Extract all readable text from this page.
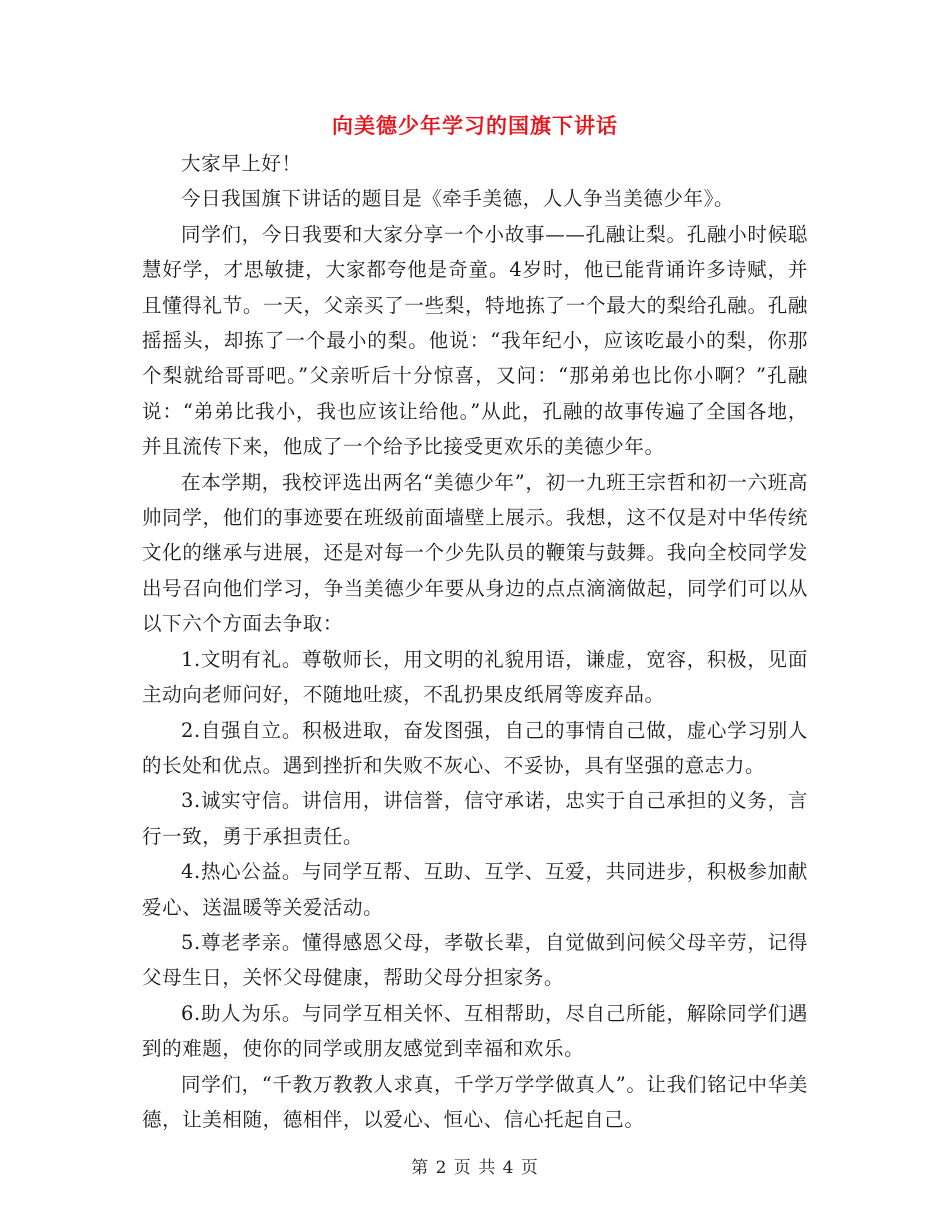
向美德少年学习的国旗下讲话

大家早上好！

今日我国旗下讲话的题目是《牵手美德，人人争当美德少年》。

同学们，今日我要和大家分享一个小故事——孔融让梨。孔融小时候聪慧好学，才思敏捷，大家都夸他是奇童。4岁时，他已能背诵许多诗赋，并且懂得礼节。一天，父亲买了一些梨，特地拣了一个最大的梨给孔融。孔融摇摇头，却拣了一个最小的梨。他说：“我年纪小，应该吃最小的梨，你那个梨就给哥哥吧。”父亲听后十分惊喜，又问：“那弟弟也比你小啊？”孔融说：“弟弟比我小，我也应该让给他。”从此，孔融的故事传遍了全国各地，并且流传下来，他成了一个给予比接受更欢乐的美德少年。

在本学期，我校评选出两名“美德少年”，初一九班王宗哲和初一六班高帅同学，他们的事迹要在班级前面墙壁上展示。我想，这不仅是对中华传统文化的继承与进展，还是对每一个少先队员的鞭策与鼓舞。我向全校同学发出号召向他们学习，争当美德少年要从身边的点点滴滴做起，同学们可以从以下六个方面去争取：

1.文明有礼。尊敬师长，用文明的礼貌用语，谦虚，宽容，积极，见面主动向老师问好，不随地吐痰，不乱扔果皮纸屑等废弃品。

2.自强自立。积极进取，奋发图强，自己的事情自己做，虚心学习别人的长处和优点。遇到挫折和失败不灰心、不妥协，具有坚强的意志力。

3.诚实守信。讲信用，讲信誉，信守承诺，忠实于自己承担的义务，言行一致，勇于承担责任。

4.热心公益。与同学互帮、互助、互学、互爱，共同进步，积极参加献爱心、送温暖等关爱活动。

5.尊老孝亲。懂得感恩父母，孝敬长辈，自觉做到问候父母辛劳，记得父母生日，关怀父母健康，帮助父母分担家务。

6.助人为乐。与同学互相关怀、互相帮助，尽自己所能，解除同学们遇到的难题，使你的同学或朋友感觉到幸福和欢乐。

同学们，“千教万教教人求真，千学万学学做真人”。让我们铭记中华美德，让美相随，德相伴，以爱心、恒心、信心托起自己。

第 2 页 共 4 页
